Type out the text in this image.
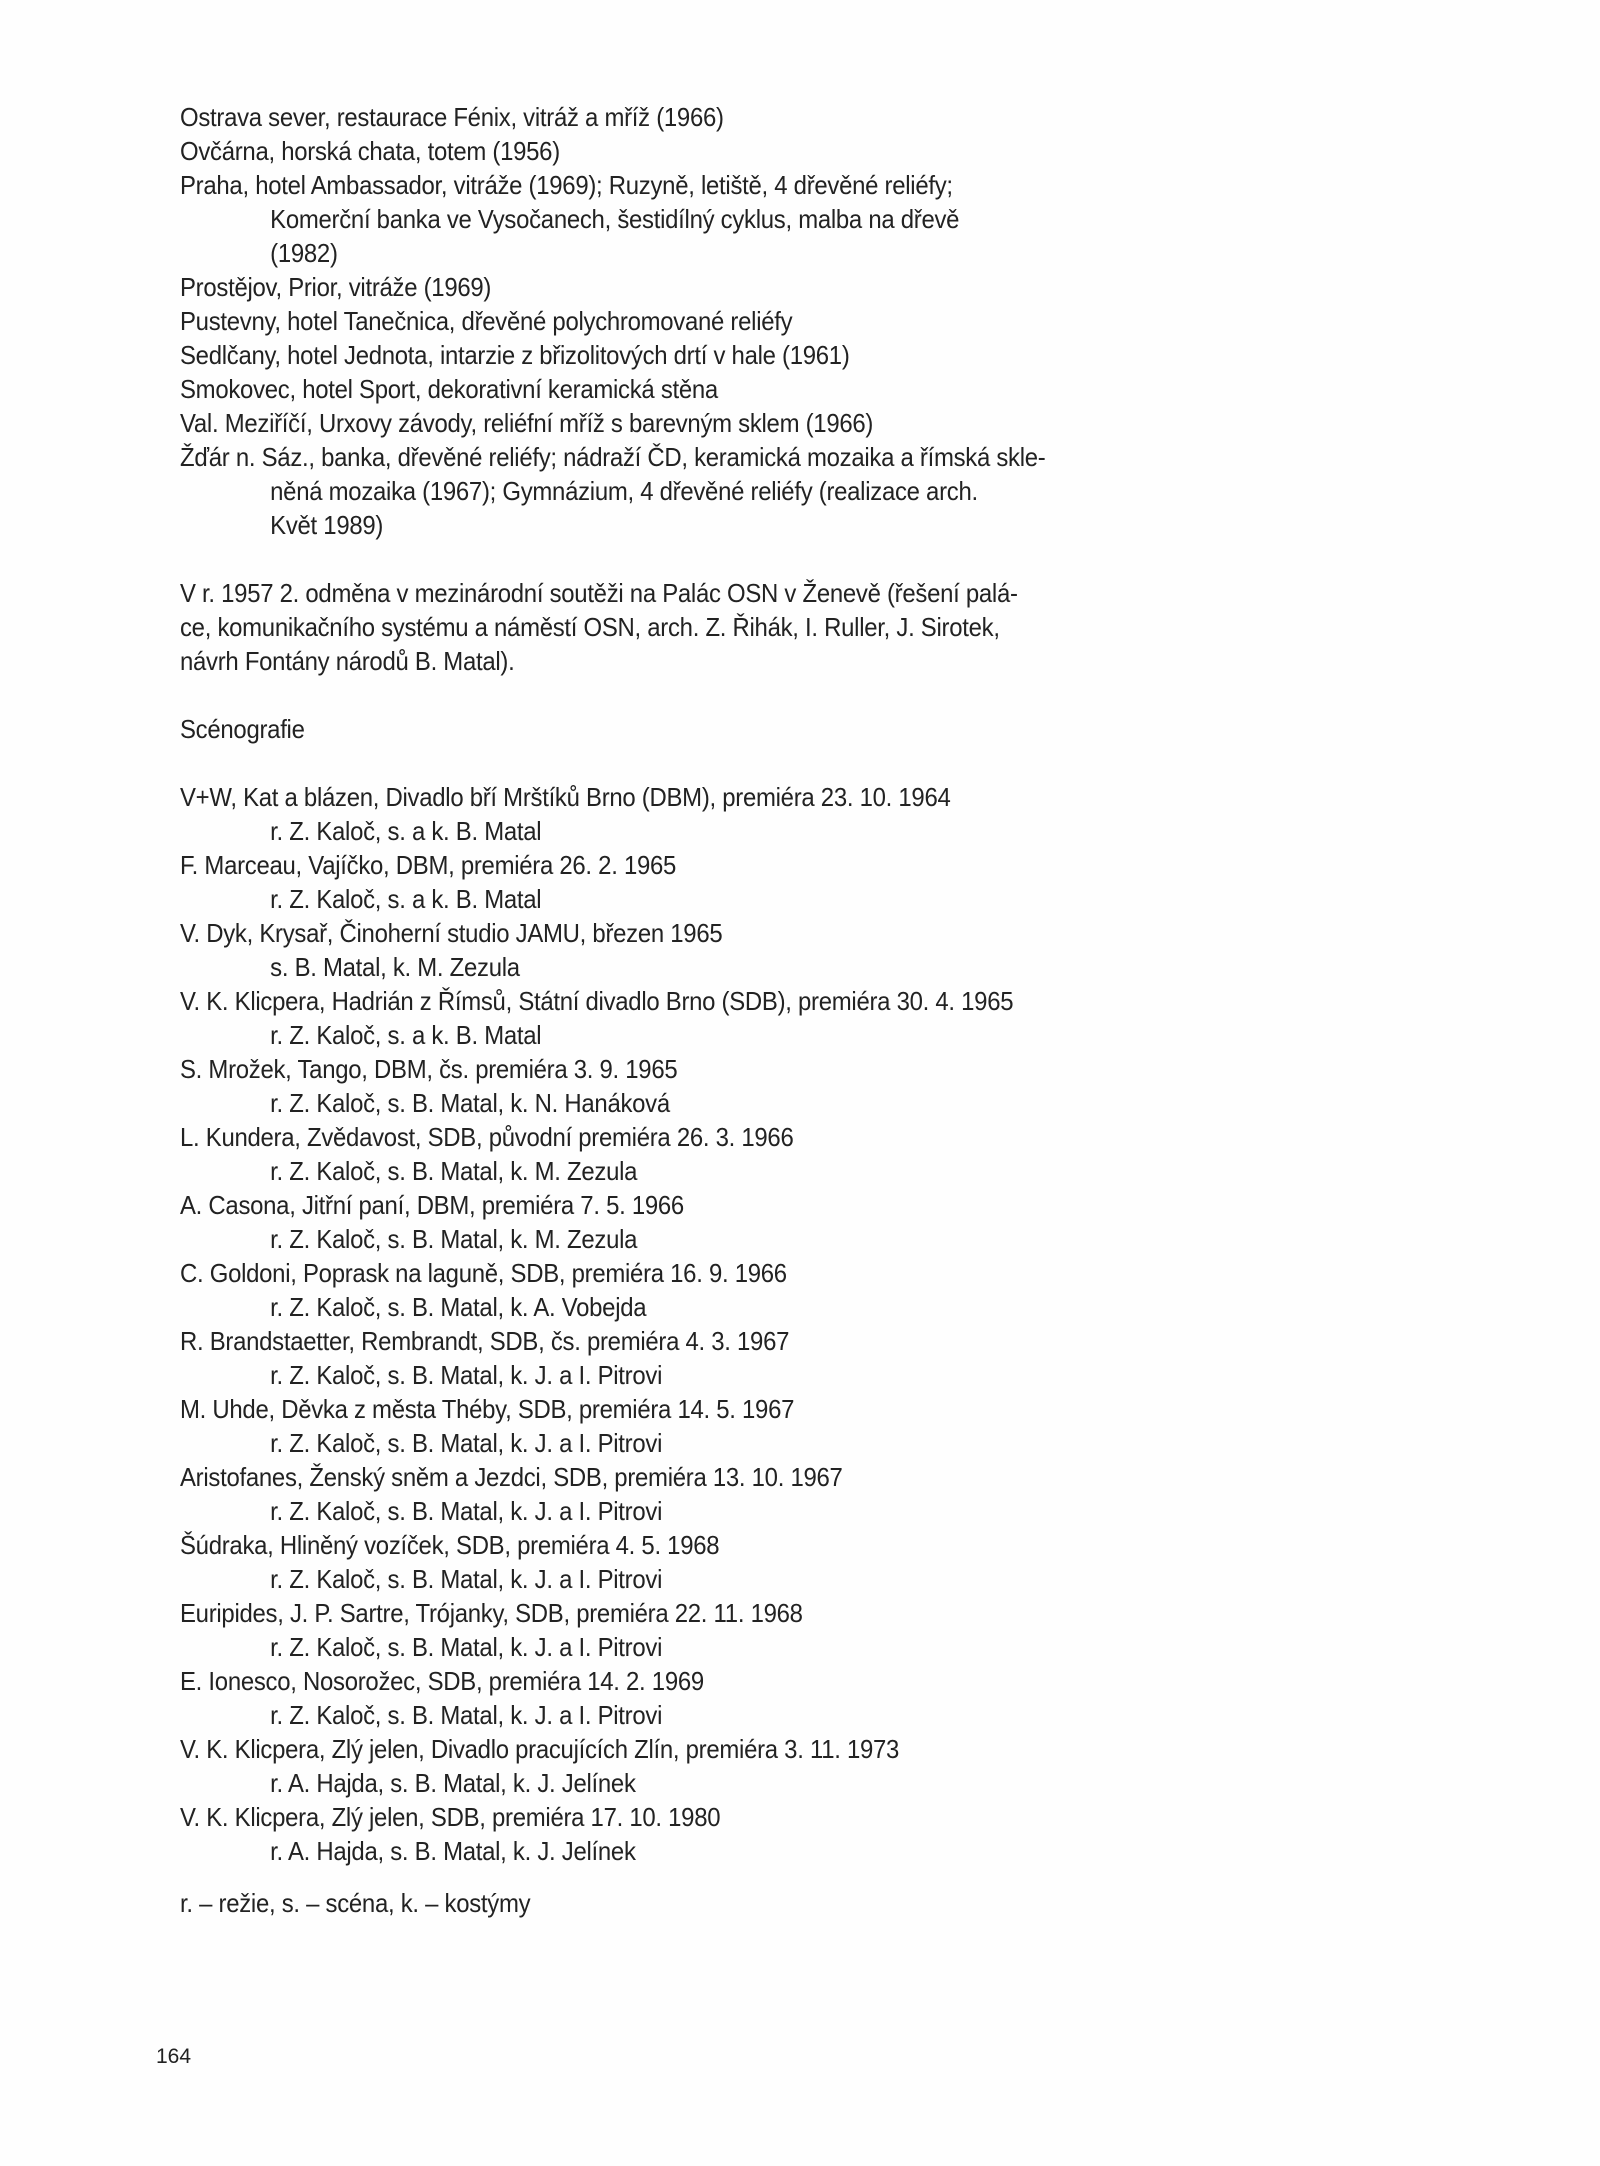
Ostrava sever, restaurace Fénix, vitráž a mříž (1966)
Ovčárna, horská chata, totem (1956)
Praha, hotel Ambassador, vitráže (1969); Ruzyně, letiště, 4 dřevěné reliéfy;
Komerční banka ve Vysočanech, šestidílný cyklus, malba na dřevě
(1982)
Prostějov, Prior, vitráže (1969)
Pustevny, hotel Tanečnica, dřevěné polychromované reliéfy
Sedlčany, hotel Jednota, intarzie z břizolitových drtí v hale (1961)
Smokovec, hotel Sport, dekorativní keramická stěna
Val. Meziříčí, Urxovy závody, reliéfní mříž s barevným sklem (1966)
Žďár n. Sáz., banka, dřevěné reliéfy; nádraží ČD, keramická mozaika a římská skle-
něná mozaika (1967); Gymnázium, 4 dřevěné reliéfy (realizace arch.
Květ 1989)
V r. 1957 2. odměna v mezinárodní soutěži na Palác OSN v Ženevě (řešení palá-
ce, komunikačního systému a náměstí OSN, arch. Z. Řihák, I. Ruller, J. Sirotek,
návrh Fontány národů B. Matal).
Scénografie
V+W, Kat a blázen, Divadlo bří Mrštíků Brno (DBM), premiéra 23. 10. 1964
r. Z. Kaloč, s. a k. B. Matal
F. Marceau, Vajíčko, DBM, premiéra 26. 2. 1965
r. Z. Kaloč, s. a k. B. Matal
V. Dyk, Krysař, Činoherní studio JAMU, březen 1965
s. B. Matal, k. M. Zezula
V. K. Klicpera, Hadrián z Římsů, Státní divadlo Brno (SDB), premiéra 30. 4. 1965
r. Z. Kaloč, s. a k. B. Matal
S. Mrožek, Tango, DBM, čs. premiéra 3. 9. 1965
r. Z. Kaloč, s. B. Matal, k. N. Hanáková
L. Kundera, Zvědavost, SDB, původní premiéra 26. 3. 1966
r. Z. Kaloč, s. B. Matal, k. M. Zezula
A. Casona, Jitřní paní, DBM, premiéra 7. 5. 1966
r. Z. Kaloč, s. B. Matal, k. M. Zezula
C. Goldoni, Poprask na laguně, SDB, premiéra 16. 9. 1966
r. Z. Kaloč, s. B. Matal, k. A. Vobejda
R. Brandstaetter, Rembrandt, SDB, čs. premiéra 4. 3. 1967
r. Z. Kaloč, s. B. Matal, k. J. a I. Pitrovi
M. Uhde, Děvka z města Théby, SDB, premiéra 14. 5. 1967
r. Z. Kaloč, s. B. Matal, k. J. a I. Pitrovi
Aristofanes, Ženský sněm a Jezdci, SDB, premiéra 13. 10. 1967
r. Z. Kaloč, s. B. Matal, k. J. a I. Pitrovi
Šúdraka, Hliněný vozíček, SDB, premiéra 4. 5. 1968
r. Z. Kaloč, s. B. Matal, k. J. a I. Pitrovi
Euripides, J. P. Sartre, Trójanky, SDB, premiéra 22. 11. 1968
r. Z. Kaloč, s. B. Matal, k. J. a I. Pitrovi
E. Ionesco, Nosorožec, SDB, premiéra 14. 2. 1969
r. Z. Kaloč, s. B. Matal, k. J. a I. Pitrovi
V. K. Klicpera, Zlý jelen, Divadlo pracujících Zlín, premiéra 3. 11. 1973
r. A. Hajda, s. B. Matal, k. J. Jelínek
V. K. Klicpera, Zlý jelen, SDB, premiéra 17. 10. 1980
r. A. Hajda, s. B. Matal, k. J. Jelínek
r. – režie, s. – scéna, k. – kostýmy
164
